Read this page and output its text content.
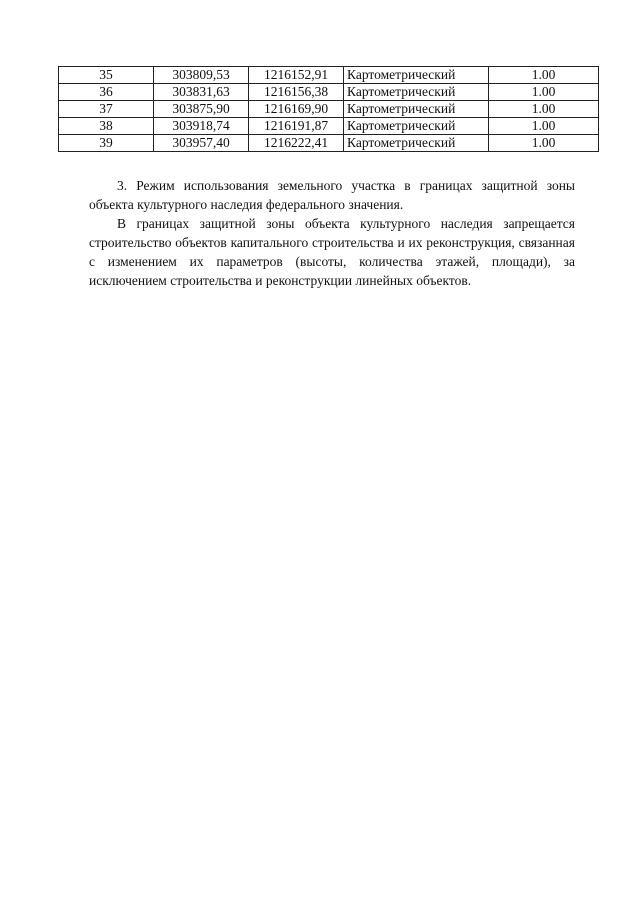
35	303809,53	1216152,91	Картометрический	1.00
36	303831,63	1216156,38	Картометрический	1.00
37	303875,90	1216169,90	Картометрический	1.00
38	303918,74	1216191,87	Картометрический	1.00
39	303957,40	1216222,41	Картометрический	1.00

3. Режим использования земельного участка в границах защитной зоны объекта культурного наследия федерального значения.

В границах защитной зоны объекта культурного наследия запрещается строительство объектов капитального строительства и их реконструкция, связанная с изменением их параметров (высоты, количества этажей, площади), за исключением строительства и реконструкции линейных объектов.
